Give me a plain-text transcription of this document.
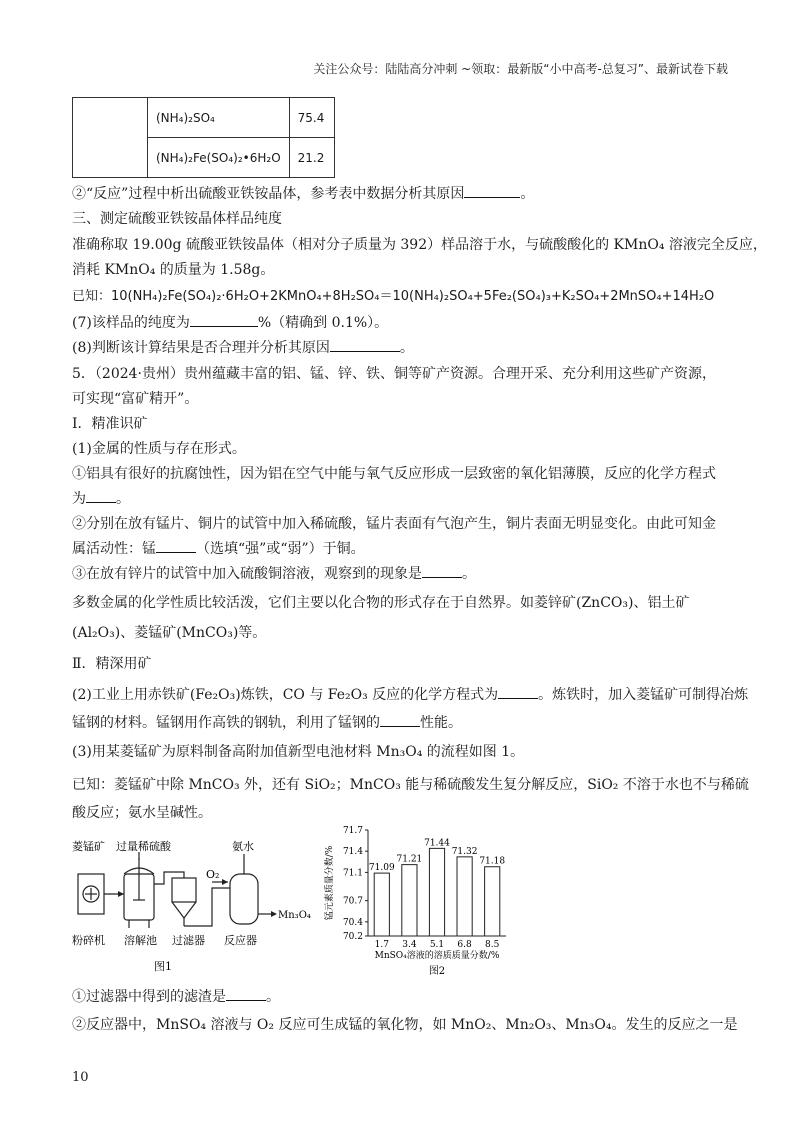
关注公众号：陆陆高分冲刺 ~领取：最新版“小中高考-总复习”、最新试卷下载
	(NH₄)₂SO₄	75.4
	(NH₄)₂Fe(SO₄)₂•6H₂O	21.2
②“反应”过程中析出硫酸亚铁铵晶体，参考表中数据分析其原因	。
三、测定硫酸亚铁铵晶体样品纯度
准确称取 19.00g 硫酸亚铁铵晶体（相对分子质量为 392）样品溶于水，与硫酸酸化的 KMnO₄ 溶液完全反应，
消耗 KMnO₄ 的质量为 1.58g。
已知：10(NH₄)₂Fe(SO₄)₂·6H₂O+2KMnO₄+8H₂SO₄＝10(NH₄)₂SO₄+5Fe₂(SO₄)₃+K₂SO₄+2MnSO₄+14H₂O
(7)该样品的纯度为	%（精确到 0.1%）。
(8)判断该计算结果是否合理并分析其原因	。
5．（2024·贵州）贵州蕴藏丰富的铝、锰、锌、铁、铜等矿产资源。合理开采、充分利用这些矿产资源，
可实现“富矿精开”。
Ⅰ．精准识矿
(1)金属的性质与存在形式。
①铝具有很好的抗腐蚀性，因为铝在空气中能与氧气反应形成一层致密的氧化铝薄膜，反应的化学方程式
为 。
②分别在放有锰片、铜片的试管中加入稀硫酸，锰片表面有气泡产生，铜片表面无明显变化。由此可知金
属活动性：锰	（选填“强”或“弱”）于铜。
③在放有锌片的试管中加入硫酸铜溶液，观察到的现象是	。
多数金属的化学性质比较活泼，它们主要以化合物的形式存在于自然界。如菱锌矿(ZnCO₃)、铝土矿
(Al₂O₃)、菱锰矿(MnCO₃)等。
Ⅱ．精深用矿
(2)工业上用赤铁矿(Fe₂O₃)炼铁，CO 与 Fe₂O₃ 反应的化学方程式为	。炼铁时，加入菱锰矿可制得冶炼
锰钢的材料。锰钢用作高铁的钢轨，利用了锰钢的	性能。
(3)用某菱锰矿为原料制备高附加值新型电池材料 Mn₃O₄ 的流程如图 1。
已知：菱锰矿中除 MnCO₃ 外，还有 SiO₂；MnCO₃ 能与稀硫酸发生复分解反应，SiO₂ 不溶于水也不与稀硫
酸反应；氨水呈碱性。
菱锰矿 过量稀硫酸	氨水
O₂
Mn₃O₄
粉碎机 溶解池 过滤器 反应器
图1
锰元素质量分数/%
MnSO₄溶液的溶质质量分数/%
图2
70.2
70.4
70.7
71.1
71.4
71.7
71.09
1.7
71.21
3.4
71.44
5.1
71.32
6.8
71.18
8.5
①过滤器中得到的滤渣是	。
②反应器中，MnSO₄ 溶液与 O₂ 反应可生成锰的氧化物，如 MnO₂、Mn₂O₃、Mn₃O₄。发生的反应之一是
10
